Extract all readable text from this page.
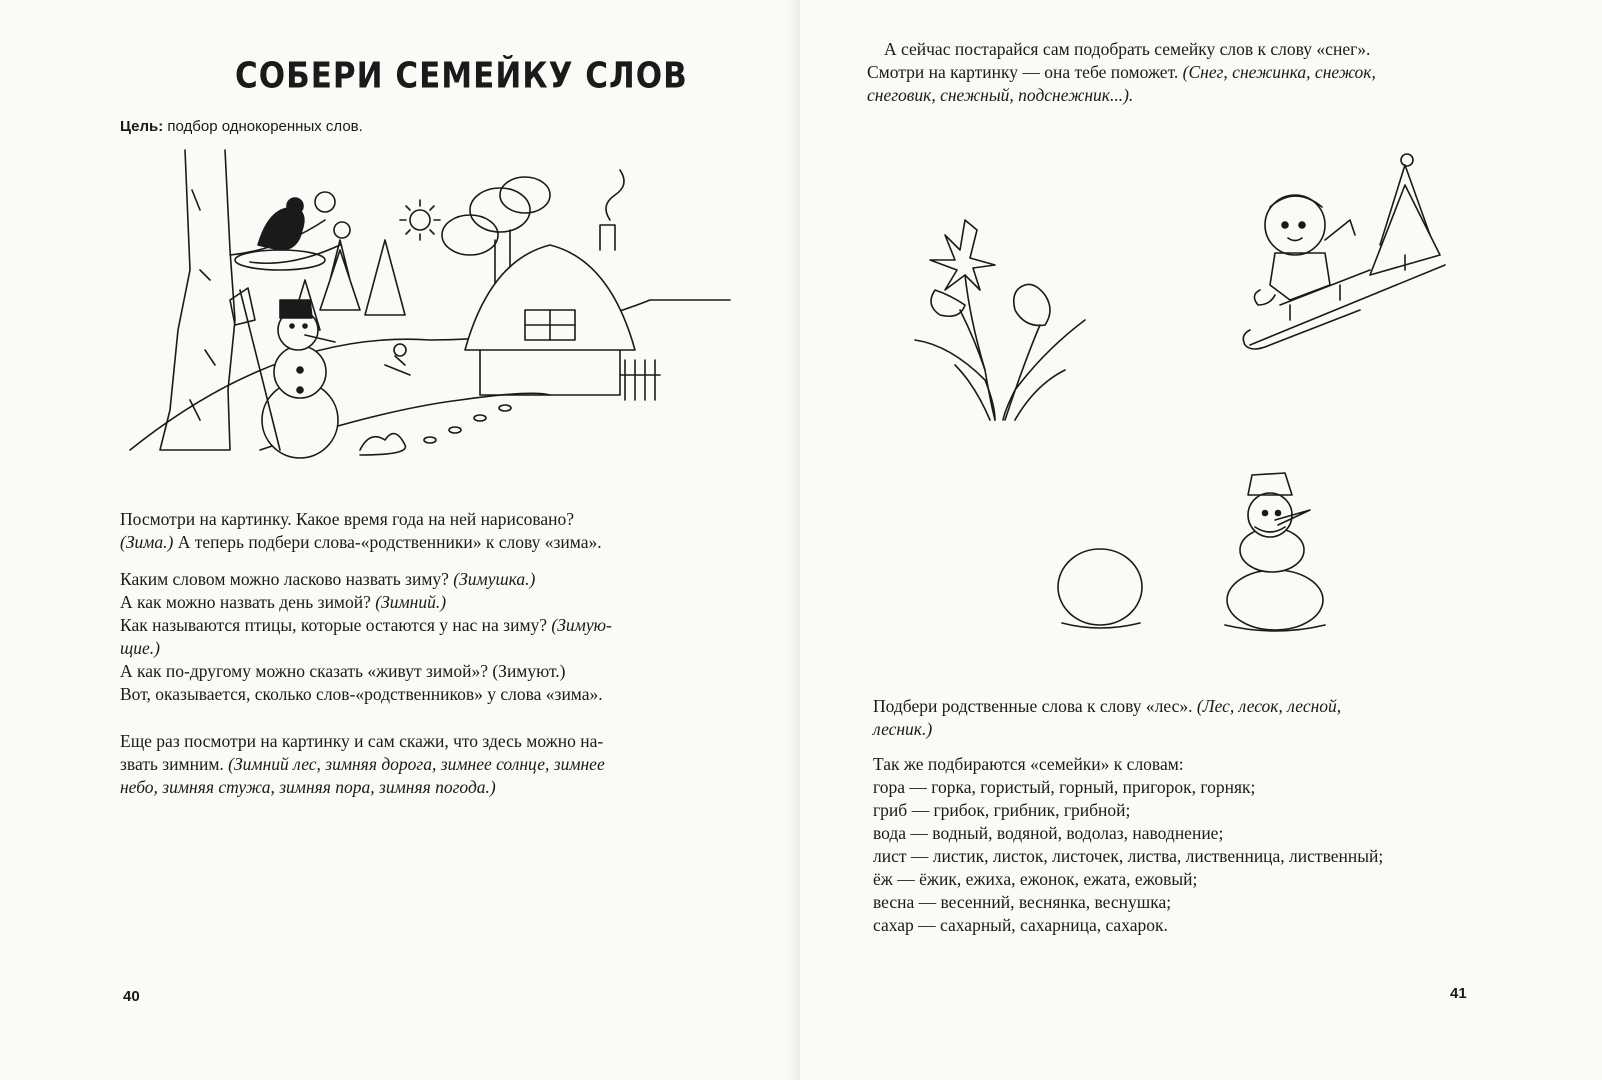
СОБЕРИ СЕМЕЙКУ СЛОВ
Цель: подбор однокоренных слов.
Посмотри на картинку. Какое время года на ней нарисовано?
(Зима.) А теперь подбери слова-«родственники» к слову «зима».
Каким словом можно ласково назвать зиму? (Зимушка.)
А как можно назвать день зимой? (Зимний.)
Как называются птицы, которые остаются у нас на зиму? (Зимую-
щие.)
А как по-другому можно сказать «живут зимой»? (Зимуют.)
Вот, оказывается, сколько слов-«родственников» у слова «зима».
Еще раз посмотри на картинку и сам скажи, что здесь можно на-
звать зимним. (Зимний лес, зимняя дорога, зимнее солнце, зимнее
небо, зимняя стужа, зимняя пора, зимняя погода.)
40
А сейчас постарайся сам подобрать семейку слов к слову «снег».
Смотри на картинку — она тебе поможет. (Снег, снежинка, снежок,
снеговик, снежный, подснежник...).
Подбери родственные слова к слову «лес». (Лес, лесок, лесной,
лесник.)
Так же подбираются «семейки» к словам:
гора — горка, гористый, горный, пригорок, горняк;
гриб — грибок, грибник, грибной;
вода — водный, водяной, водолаз, наводнение;
лист — листик, листок, листочек, листва, лиственница, лиственный;
ёж — ёжик, ежиха, ежонок, ежата, ежовый;
весна — весенний, веснянка, веснушка;
сахар — сахарный, сахарница, сахарок.
41
